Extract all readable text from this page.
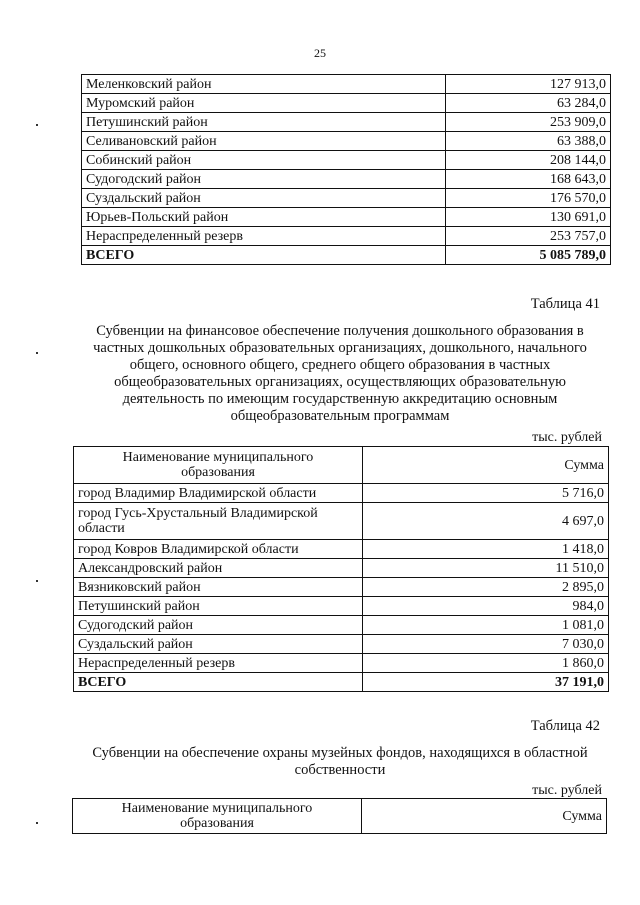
25
Меленковский район	127 913,0
Муромский район	63 284,0
Петушинский район	253 909,0
Селивановский район	63 388,0
Собинский район	208 144,0
Судогодский район	168 643,0
Суздальский район	176 570,0
Юрьев-Польский район	130 691,0
Нераспределенный резерв	253 757,0
ВСЕГО	5 085 789,0
Таблица 41
Субвенции на финансовое обеспечение получения дошкольного образования в
частных дошкольных образовательных организациях, дошкольного, начального
общего, основного общего, среднего общего образования в частных
общеобразовательных организациях, осуществляющих образовательную
деятельность по имеющим государственную аккредитацию основным
общеобразовательным программам
тыс. рублей
Наименование муниципального
образования	Сумма
город Владимир Владимирской области	5 716,0

город Гусь-Хрустальный Владимирской
области	4 697,0
город Ковров Владимирской области	1 418,0
Александровский район	11 510,0
Вязниковский район	2 895,0
Петушинский район	984,0
Судогодский район	1 081,0
Суздальский район	7 030,0
Нераспределенный резерв	1 860,0
ВСЕГО	37 191,0
Таблица 42
Субвенции на обеспечение охраны музейных фондов, находящихся в областной
собственности
тыс. рублей
Наименование муниципального
образования	Сумма
